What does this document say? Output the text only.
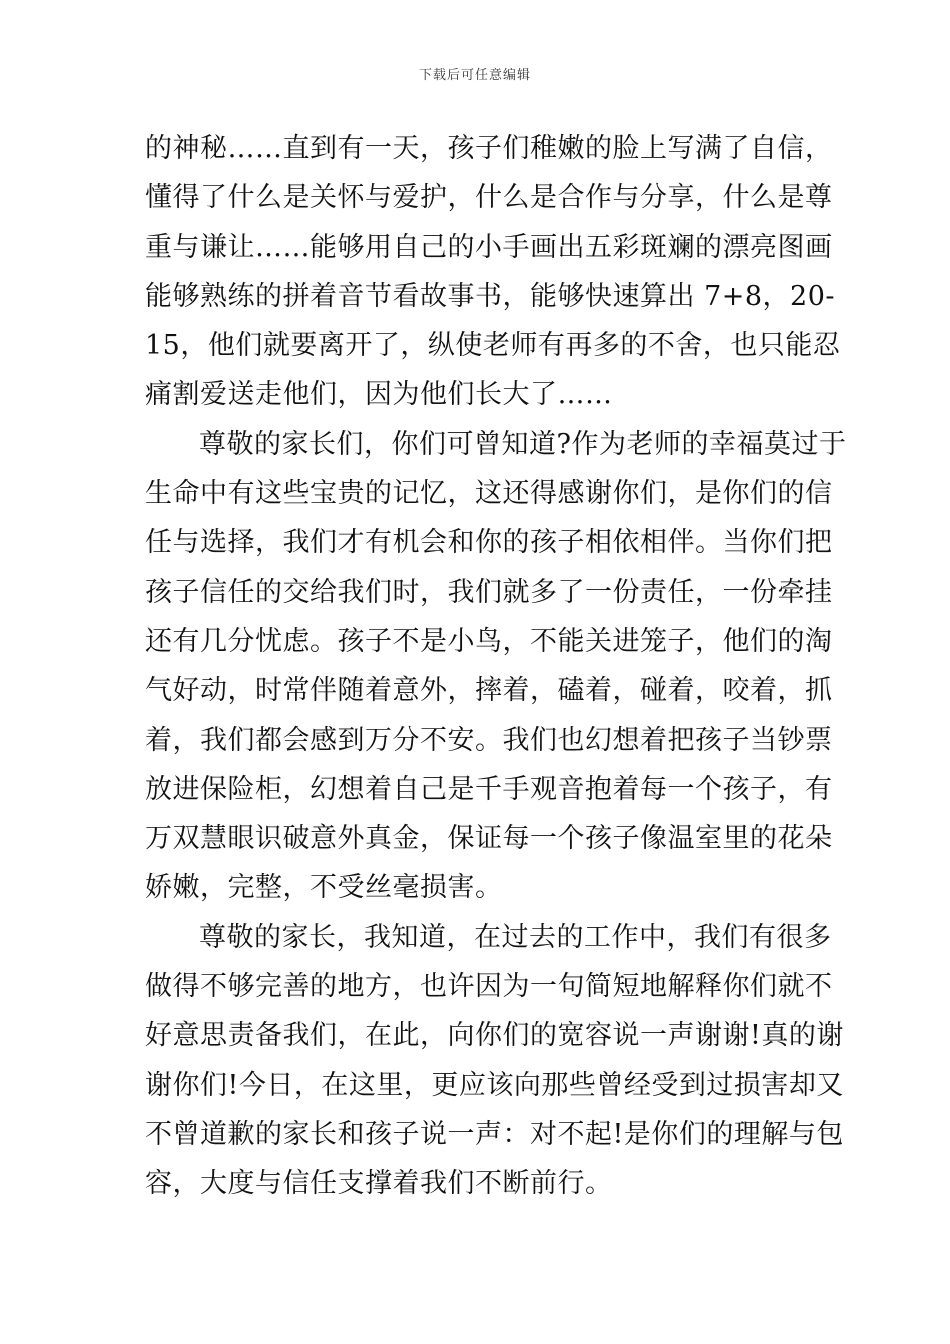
下载后可任意编辑
的神秘……直到有一天，孩子们稚嫩的脸上写满了自信，
懂得了什么是关怀与爱护，什么是合作与分享，什么是尊
重与谦让……能够用自己的小手画出五彩斑斓的漂亮图画
能够熟练的拼着音节看故事书，能够快速算出 7+8，20-
15，他们就要离开了，纵使老师有再多的不舍，也只能忍
痛割爱送走他们，因为他们长大了……
尊敬的家长们，你们可曾知道?作为老师的幸福莫过于
生命中有这些宝贵的记忆，这还得感谢你们，是你们的信
任与选择，我们才有机会和你的孩子相依相伴。当你们把
孩子信任的交给我们时，我们就多了一份责任，一份牵挂
还有几分忧虑。孩子不是小鸟，不能关进笼子，他们的淘
气好动，时常伴随着意外，摔着，磕着，碰着，咬着，抓
着，我们都会感到万分不安。我们也幻想着把孩子当钞票
放进保险柜，幻想着自己是千手观音抱着每一个孩子，有
万双慧眼识破意外真金，保证每一个孩子像温室里的花朵
娇嫩，完整，不受丝毫损害。
尊敬的家长，我知道，在过去的工作中，我们有很多
做得不够完善的地方，也许因为一句简短地解释你们就不
好意思责备我们，在此，向你们的宽容说一声谢谢!真的谢
谢你们!今日，在这里，更应该向那些曾经受到过损害却又
不曾道歉的家长和孩子说一声：对不起!是你们的理解与包
容，大度与信任支撑着我们不断前行。
